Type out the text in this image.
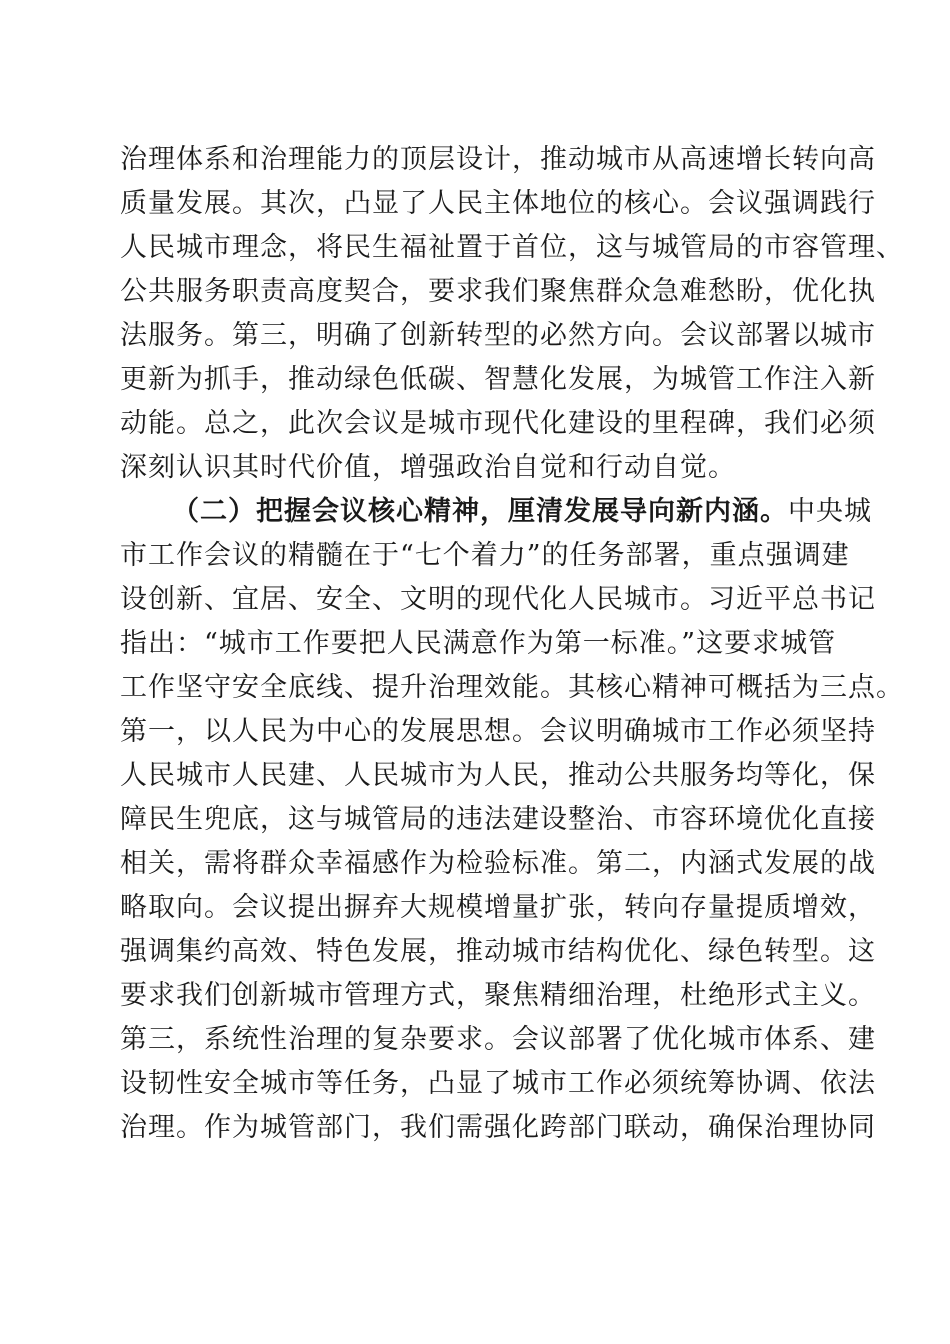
治理体系和治理能力的顶层设计，推动城市从高速增长转向高
质量发展。其次，凸显了人民主体地位的核心。会议强调践行
人民城市理念，将民生福祉置于首位，这与城管局的市容管理、
公共服务职责高度契合，要求我们聚焦群众急难愁盼，优化执
法服务。第三，明确了创新转型的必然方向。会议部署以城市
更新为抓手，推动绿色低碳、智慧化发展，为城管工作注入新
动能。总之，此次会议是城市现代化建设的里程碑，我们必须
深刻认识其时代价值，增强政治自觉和行动自觉。
（二）把握会议核心精神，厘清发展导向新内涵。中央城
市工作会议的精髓在于“七个着力”的任务部署，重点强调建
设创新、宜居、安全、文明的现代化人民城市。习近平总书记
指出：“城市工作要把人民满意作为第一标准。”这要求城管
工作坚守安全底线、提升治理效能。其核心精神可概括为三点。
第一，以人民为中心的发展思想。会议明确城市工作必须坚持
人民城市人民建、人民城市为人民，推动公共服务均等化，保
障民生兜底，这与城管局的违法建设整治、市容环境优化直接
相关，需将群众幸福感作为检验标准。第二，内涵式发展的战
略取向。会议提出摒弃大规模增量扩张，转向存量提质增效，
强调集约高效、特色发展，推动城市结构优化、绿色转型。这
要求我们创新城市管理方式，聚焦精细治理，杜绝形式主义。
第三，系统性治理的复杂要求。会议部署了优化城市体系、建
设韧性安全城市等任务，凸显了城市工作必须统筹协调、依法
治理。作为城管部门，我们需强化跨部门联动，确保治理协同
